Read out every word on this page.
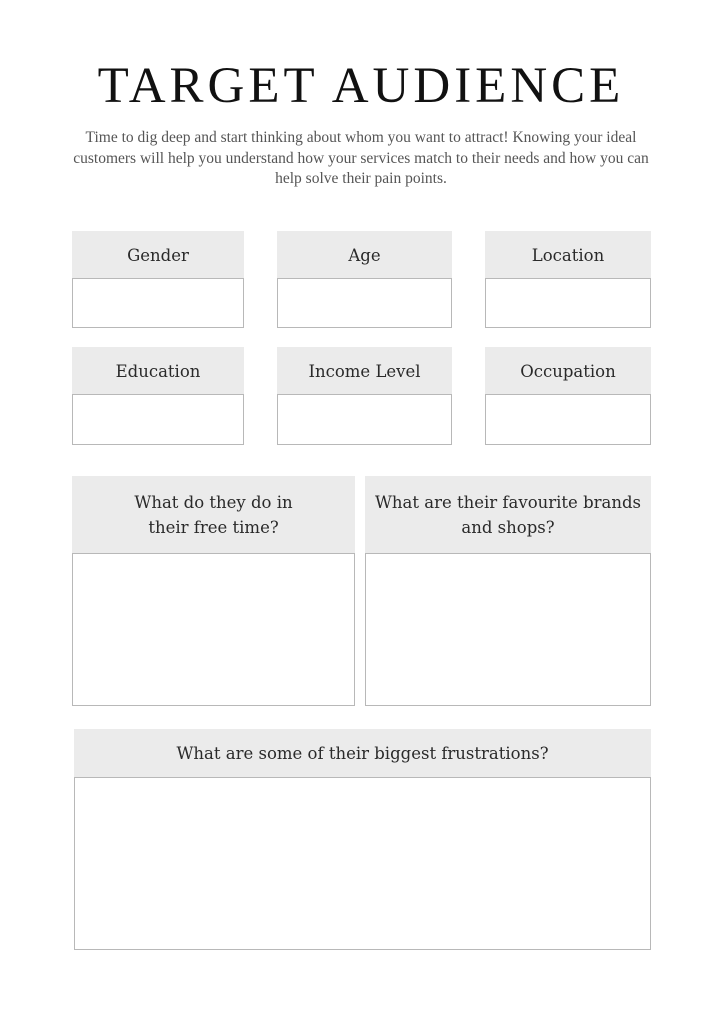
TARGET AUDIENCE
Time to dig deep and start thinking about whom you want to attract! Knowing your ideal customers will help you understand how your services match to their needs and how you can help solve their pain points.
Gender	Age	Location
Education	Income Level	Occupation
What do they do in their free time?
What are their favourite brands and shops?
What are some of their biggest frustrations?
